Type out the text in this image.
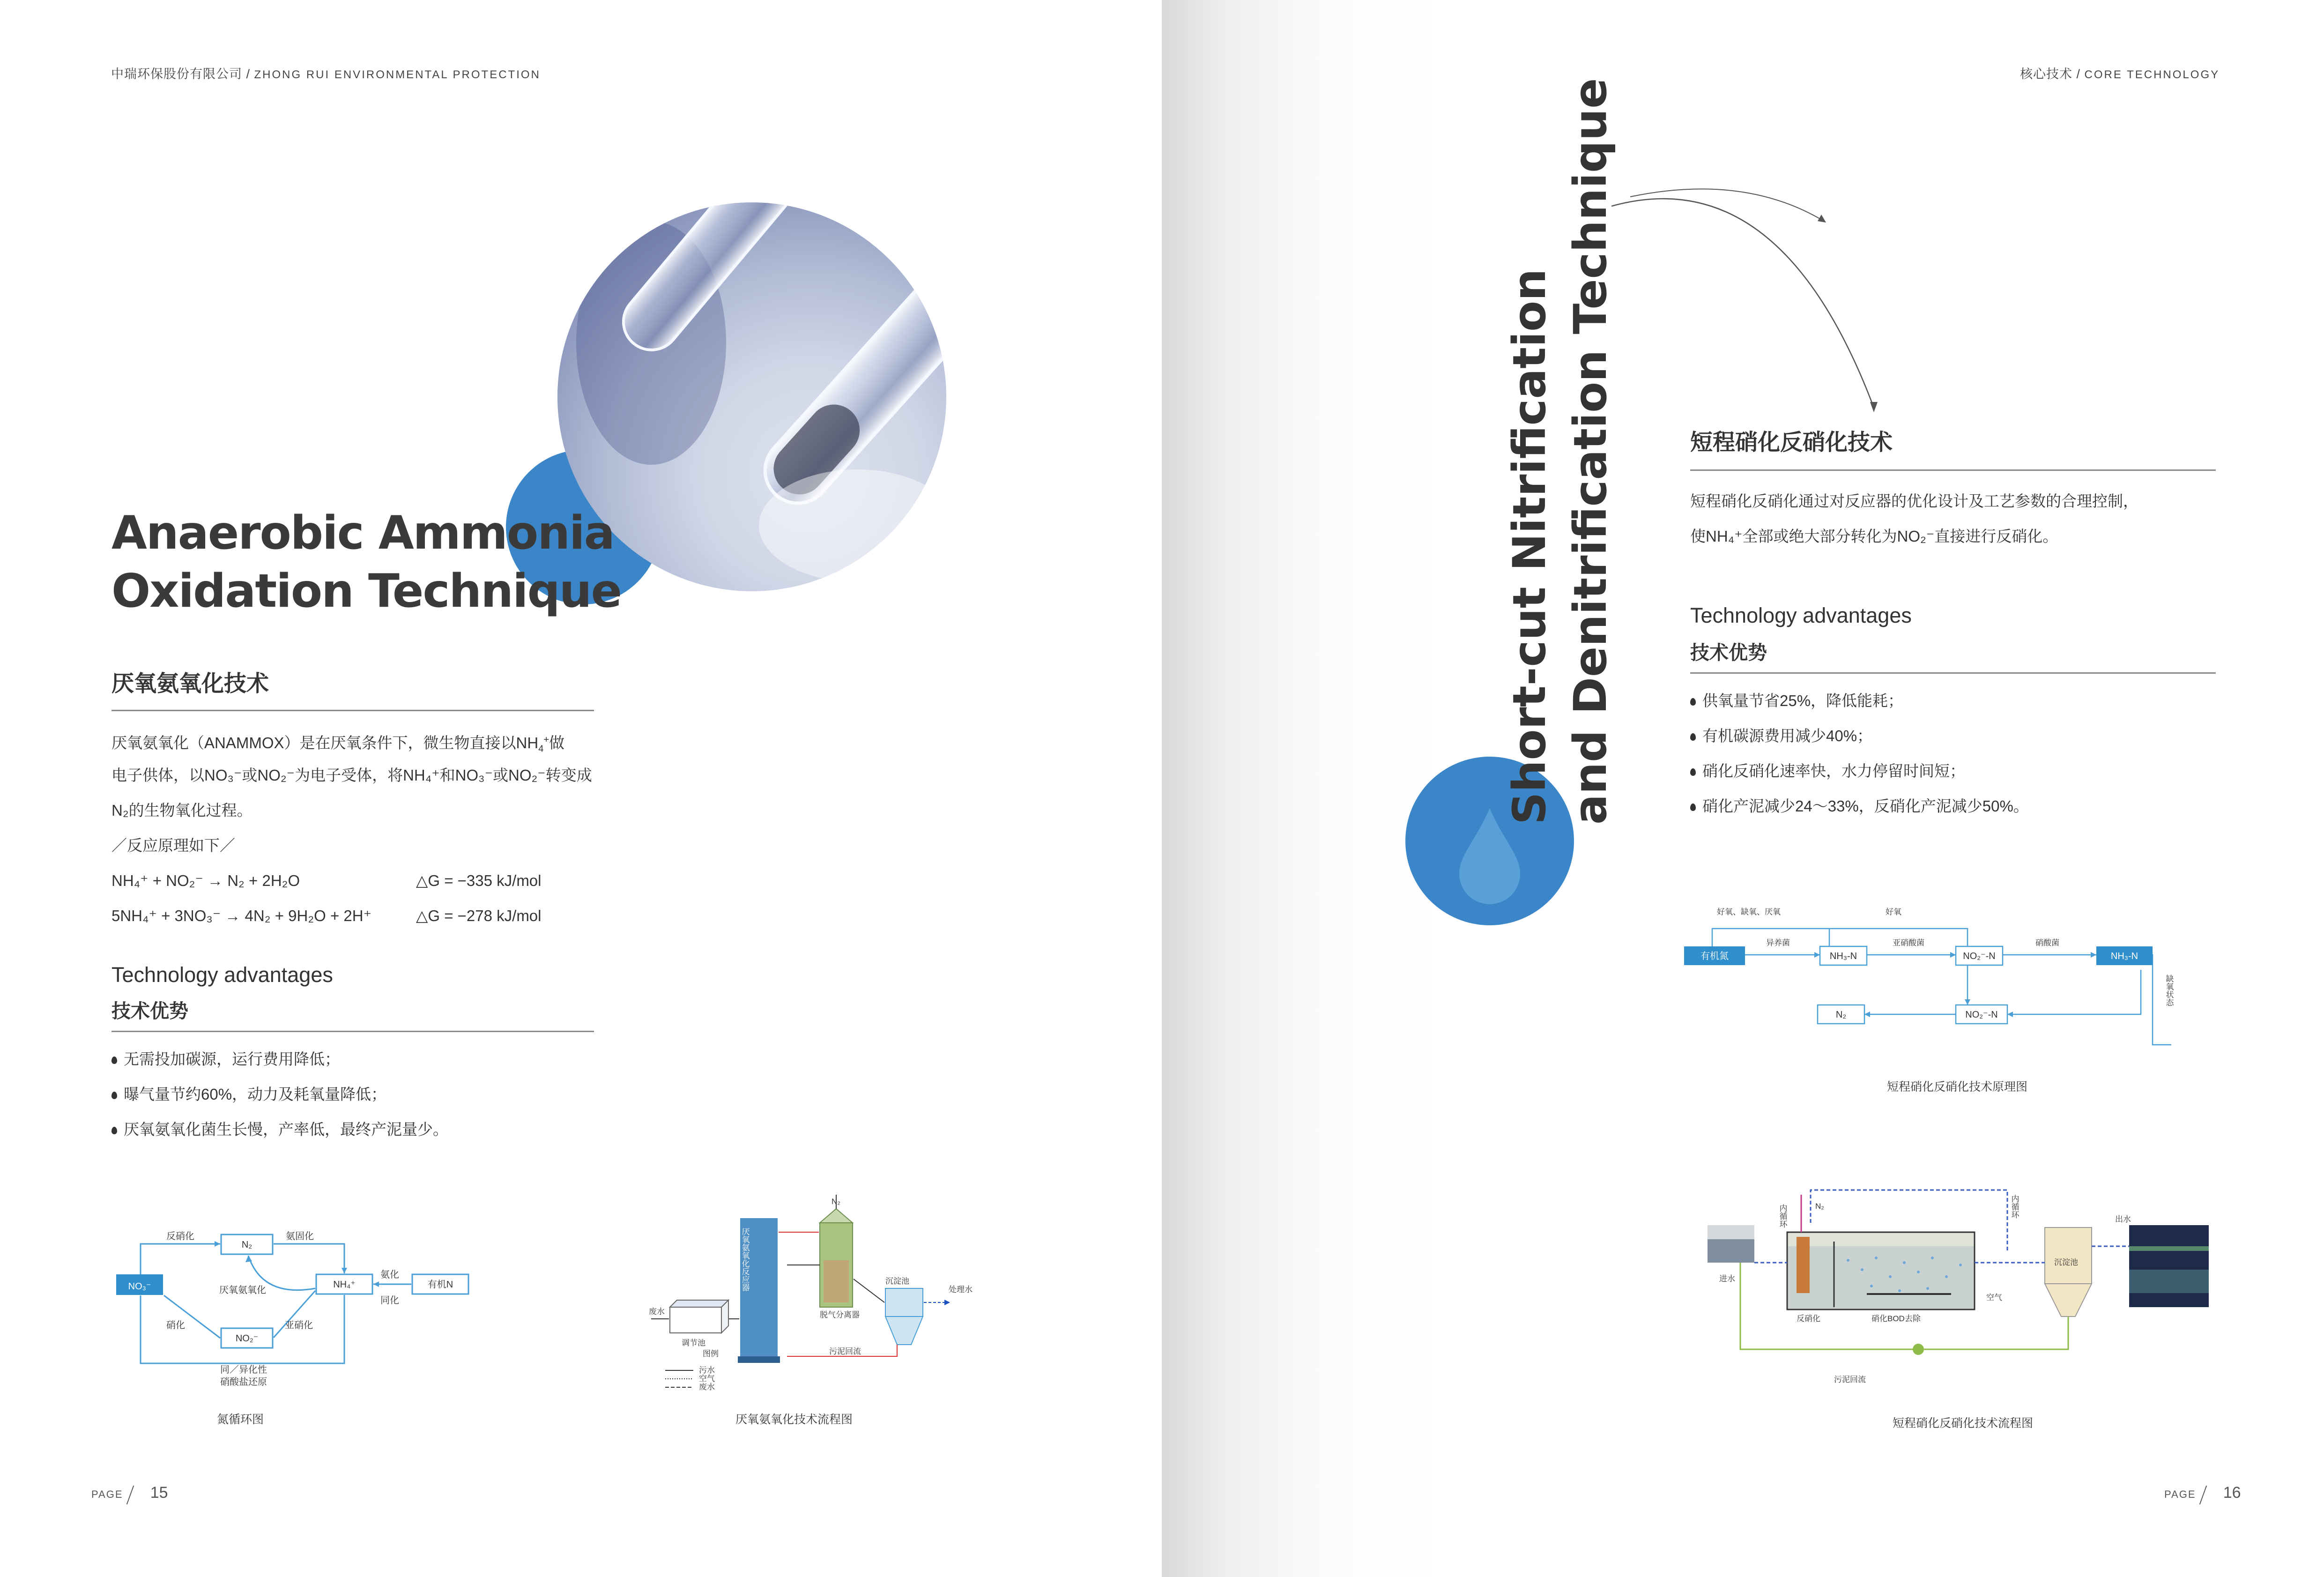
中瑞环保股份有限公司 / ZHONG RUI ENVIRONMENTAL PROTECTION
Anaerobic Ammonia
Oxidation Technique
厌氧氨氧化技术
厌氧氨氧化（ANAMMOX）是在厌氧条件下，微生物直接以$NH_4^+$做
电子供体，以NO₃⁻或NO₂⁻为电子受体，将NH₄⁺和NO₃⁻或NO₂⁻转变成
N₂的生物氧化过程。
／反应原理如下／
NH₄⁺ + NO₂⁻ → N₂ + 2H₂O	△G = −335 kJ/mol
5NH₄⁺ + 3NO₃⁻ → 4N₂ + 9H₂O + 2H⁺	△G = −278 kJ/mol
Technology advantages
技术优势
无需投加碳源，运行费用降低；
曝气量节约60%，动力及耗氧量降低；
厌氧氨氧化菌生长慢，产率低，最终产泥量少。
NO₃⁻
N₂
NH₄⁺	有机N
NO₂⁻
反硝化	氨固化
厌氧氨氧化
氨化
同化
硝化	亚硝化
同／异化性
硝酸盐还原
氮循环图
废水
调节池
图例
N₂
厌氧氨氧化反应器
脱气分离器
沉淀池
处理水
污泥回流
污水
空气
废水
厌氧氨氧化技术流程图
PAGE 15
核心技术 / CORE TECHNOLOGY
Short-cut Nitrification and Denitrification Technique	短程硝化反硝化技术
短程硝化反硝化通过对反应器的优化设计及工艺参数的合理控制，
使NH₄⁺全部或绝大部分转化为NO₂⁻直接进行反硝化。
Technology advantages
技术优势
供氧量节省25%，降低能耗；
有机碳源费用减少40%；
硝化反硝化速率快，水力停留时间短；
硝化产泥减少24～33%，反硝化产泥减少50%。
有机氮	NH₃-N	NO₂⁻-N	NH₃-N
NO₂⁻-N
N₂
好氧、缺氧、厌氧	好氧
异养菌	亚硝酸菌	硝酸菌
缺氧状态
短程硝化反硝化技术原理图
内循环	内循环
N₂
进水
出水
沉淀池
空气
反硝化	硝化BOD去除
污泥回流
短程硝化反硝化技术流程图
PAGE 16
